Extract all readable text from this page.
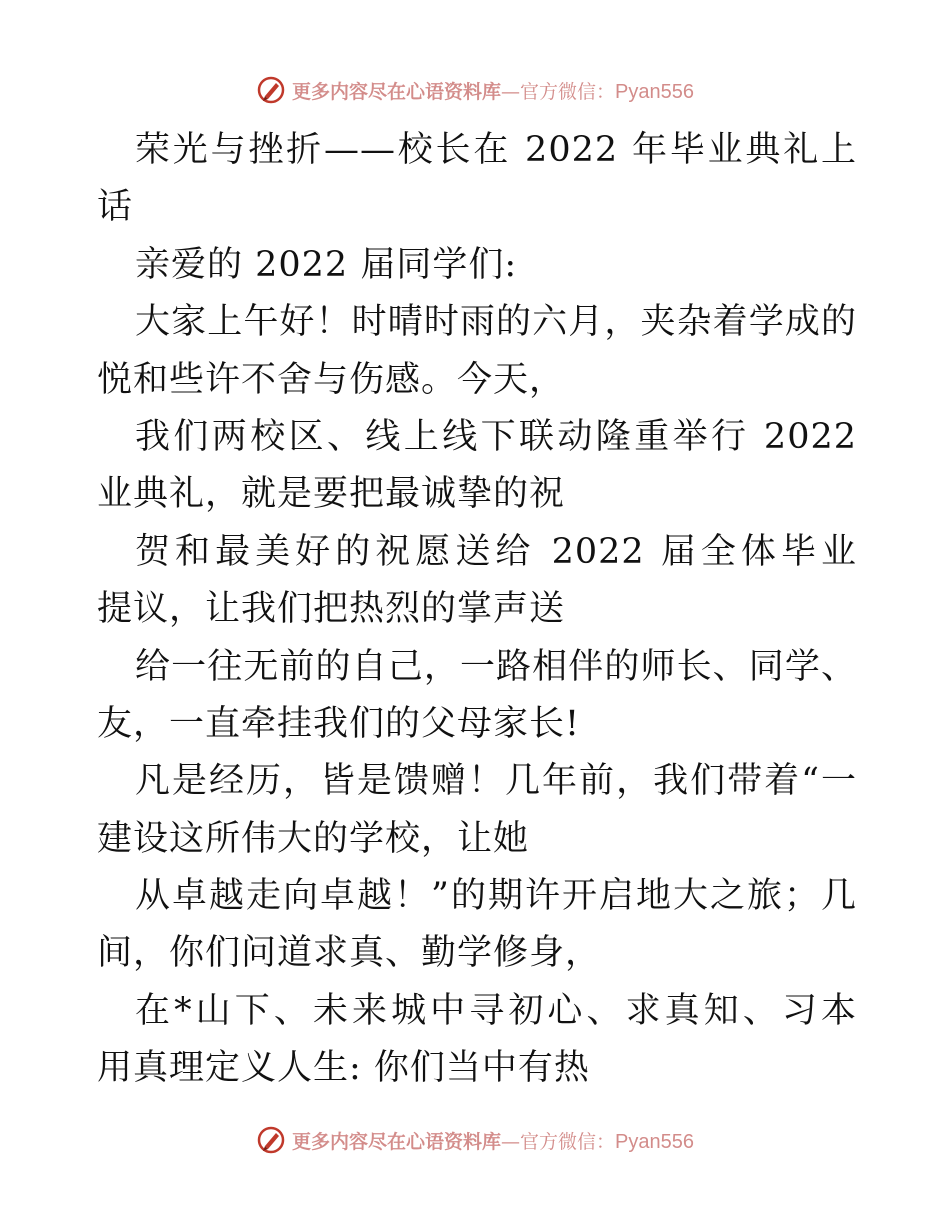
更多内容尽在心语资料库—官方微信：Pyan556
荣光与挫折——校长在 2022 年毕业典礼上
话
亲爱的 2022 届同学们:
大家上午好！时晴时雨的六月，夹杂着学成的
悦和些许不舍与伤感。今天，
我们两校区、线上线下联动隆重举行 2022
业典礼，就是要把最诚挚的祝
贺和最美好的祝愿送给 2022 届全体毕业
提议，让我们把热烈的掌声送
给一往无前的自己，一路相伴的师长、同学、
友，一直牵挂我们的父母家长!
凡是经历，皆是馈赠！几年前，我们带着“一
建设这所伟大的学校，让她
从卓越走向卓越！”的期许开启地大之旅；几
间，你们问道求真、勤学修身，
在*山下、未来城中寻初心、求真知、习本
用真理定义人生: 你们当中有热
更多内容尽在心语资料库—官方微信：Pyan556
